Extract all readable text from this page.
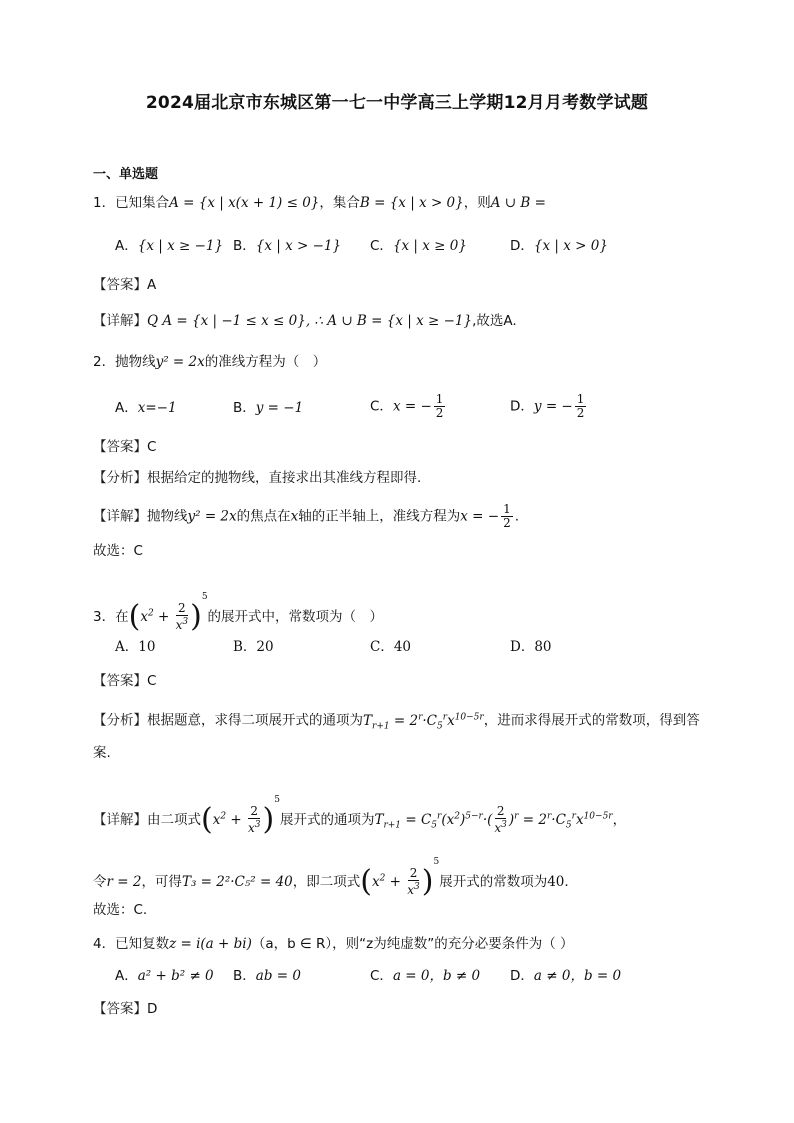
2024届北京市东城区第一七一中学高三上学期12月月考数学试题
一、单选题
1．已知集合A = {x | x(x + 1) ≤ 0}，集合B = {x | x > 0}，则A ∪ B =
A．{x | x ≥ −1} B．{x | x > −1} C．{x | x ≥ 0}	D．{x | x > 0}
【答案】A
【详解】Q A = {x | −1 ≤ x ≤ 0}, ∴ A ∪ B = {x | x ≥ −1},故选A.
2．抛物线y² = 2x的准线方程为（　）
A．x=−1	B．y = −1	C．x = − $\frac{1}{2}$	D．y = − $\frac{1}{2}$
【答案】C
【分析】根据给定的抛物线，直接求出其准线方程即得.
【详解】抛物线y² = 2x的焦点在x轴的正半轴上，准线方程为x = − $\frac{1}{2}$ .
故选：C
3．在$(x^2 + \frac{2}{x^3} )^5$的展开式中，常数项为（　）
A．10	B．20	C．40	D．80
【答案】C
【分析】根据题意，求得二项展开式的通项为$T_{r+1} = 2^r\cdot C_5^rx^{10-5r}$，进而求得展开式的常数项，得到答
案.
【详解】由二项式$(x^2 + \frac{2}{x^3} )^5$展开式的通项为$T_{r+1} = C_5^r(x^2)^{5-r}\cdot( \frac{2}{x^3} )^r = 2^r\cdot C_5^rx^{10-5r}$，
令r = 2，可得T₃ = 2²·C₅² = 40，即二项式$(x^2 + \frac{2}{x^3} )^5$展开式的常数项为40.
故选：C.
4．已知复数z = i(a + bi)（a，b ∈ R），则“z为纯虚数”的充分必要条件为（ ）
A．a² + b² ≠ 0 B．ab = 0	C．a = 0，b ≠ 0 D．a ≠ 0，b = 0
【答案】D
